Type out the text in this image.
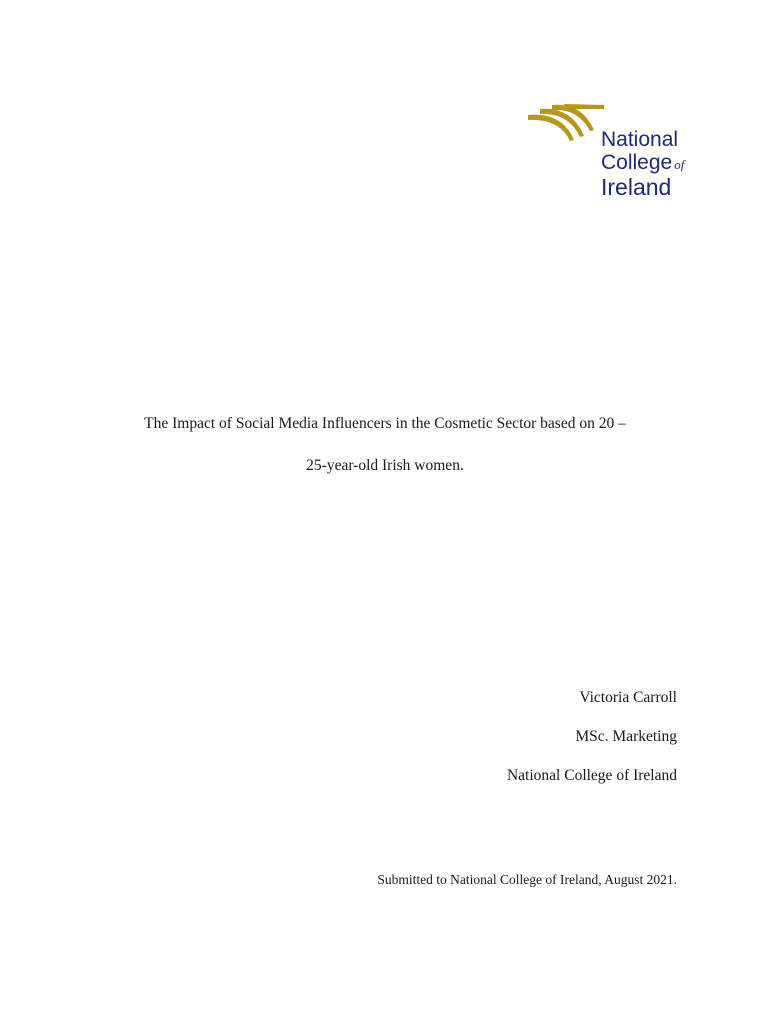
National
College of
Ireland
The Impact of Social Media Influencers in the Cosmetic Sector based on 20 –
25-year-old Irish women.
Victoria Carroll
MSc. Marketing
National College of Ireland
Submitted to National College of Ireland, August 2021.
